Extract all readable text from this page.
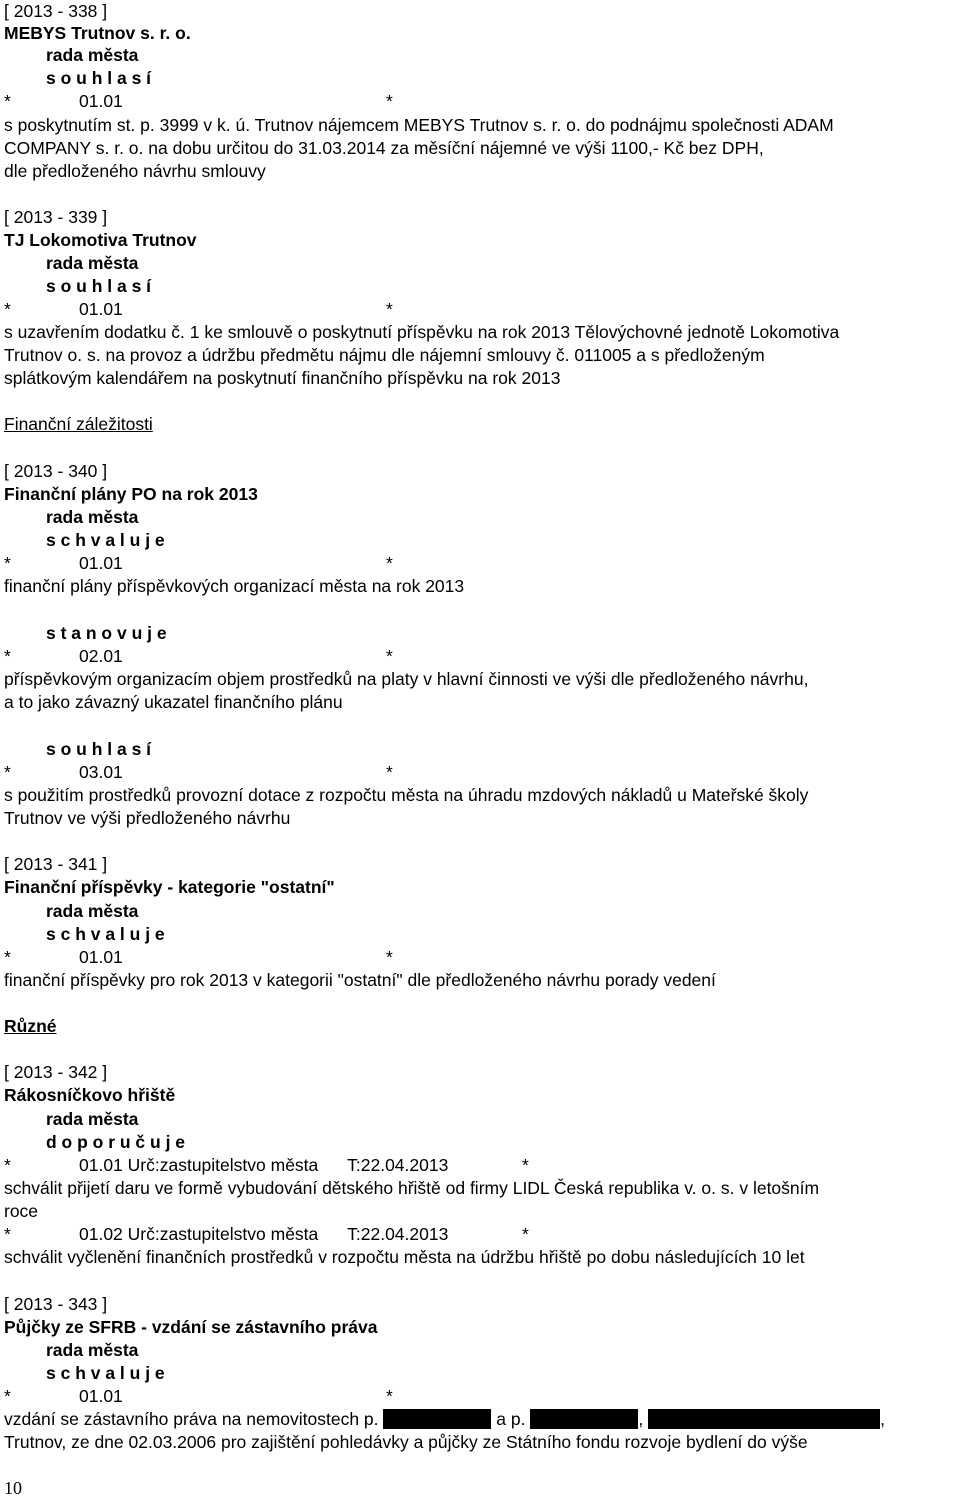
[ 2013 - 338 ]
MEBYS Trutnov s. r. o.
rada města
s o u h l a s í
*	01.01	*
s poskytnutím st. p. 3999 v k. ú. Trutnov nájemcem MEBYS Trutnov s. r. o. do podnájmu společnosti ADAM
COMPANY s. r. o. na dobu určitou do 31.03.2014 za měsíční nájemné ve výši 1100,- Kč bez DPH,
dle předloženého návrhu smlouvy
[ 2013 - 339 ]
TJ Lokomotiva Trutnov
rada města
s o u h l a s í
*	01.01	*
s uzavřením dodatku č. 1 ke smlouvě o poskytnutí příspěvku na rok 2013 Tělovýchovné jednotě Lokomotiva
Trutnov o. s. na provoz a údržbu předmětu nájmu dle nájemní smlouvy č. 011005 a s předloženým
splátkovým kalendářem na poskytnutí finančního příspěvku na rok 2013
Finanční záležitosti
[ 2013 - 340 ]
Finanční plány PO na rok 2013
rada města
s c h v a l u j e
*	01.01	*
finanční plány příspěvkových organizací města na rok 2013
s t a n o v u j e
*	02.01	*
příspěvkovým organizacím objem prostředků na platy v hlavní činnosti ve výši dle předloženého návrhu,
a to jako závazný ukazatel finančního plánu
s o u h l a s í
*	03.01	*
s použitím prostředků provozní dotace z rozpočtu města na úhradu mzdových nákladů u Mateřské školy
Trutnov ve výši předloženého návrhu
[ 2013 - 341 ]
Finanční příspěvky - kategorie "ostatní"
rada města
s c h v a l u j e
*	01.01	*
finanční příspěvky pro rok 2013 v kategorii "ostatní" dle předloženého návrhu porady vedení
Různé
[ 2013 - 342 ]
Rákosníčkovo hřiště
rada města
d o p o r u č u j e
*	01.01 Urč:zastupitelstvo města      T:22.04.2013	*
schválit přijetí daru ve formě vybudování dětského hřiště od firmy LIDL Česká republika v. o. s. v letošním
roce
*	01.02 Urč:zastupitelstvo města      T:22.04.2013	*
schválit vyčlenění finančních prostředků v rozpočtu města na údržbu hřiště po dobu následujících 10 let
[ 2013 - 343 ]
Půjčky ze SFRB - vzdání se zástavního práva
rada města
s c h v a l u j e
*	01.01	*
vzdání se zástavního práva na nemovitostech p.	a p.	,	,
Trutnov, ze dne 02.03.2006 pro zajištění pohledávky a půjčky ze Státního fondu rozvoje bydlení do výše
10
